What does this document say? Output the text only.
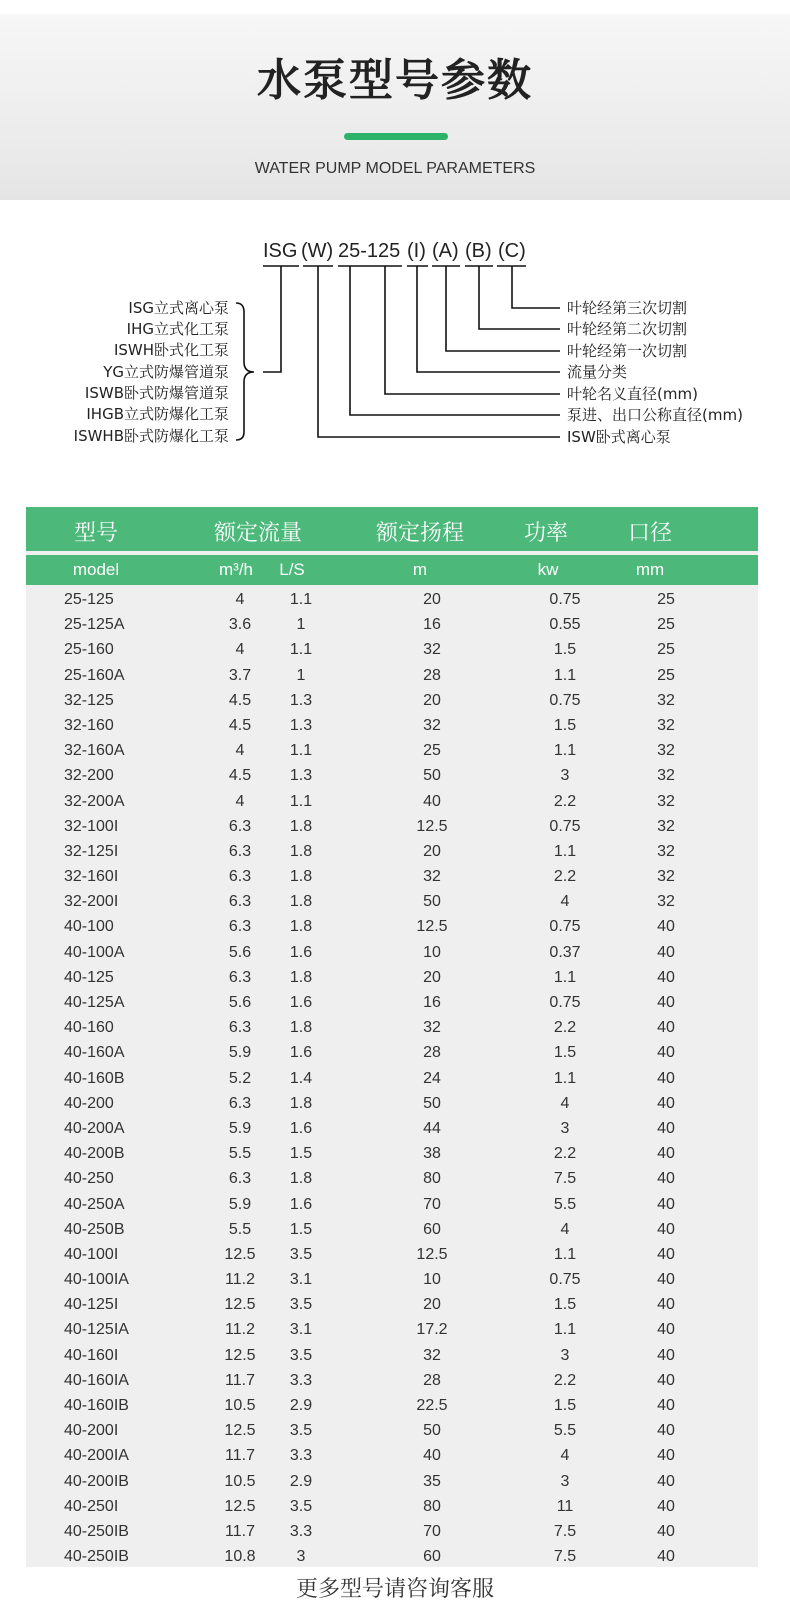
水泵型号参数
WATER PUMP MODEL PARAMETERS
ISG (W) 25-125 (I) (A) (B) (C)
ISG立式离心泵
IHG立式化工泵
ISWH卧式化工泵
YG立式防爆管道泵
ISWB卧式防爆管道泵
IHGB立式防爆化工泵
ISWHB卧式防爆化工泵
叶轮经第三次切割
叶轮经第二次切割
叶轮经第一次切割
流量分类
叶轮名义直径(mm)
泵进、出口公称直径(mm)
ISW卧式离心泵
型号	额定流量	额定扬程	功率	口径
model	m³/h L/S	m	kw	mm
25-125	4	1.1	20	0.75	25
25-125A	3.6	1	16	0.55	25
25-160	4	1.1	32	1.5	25
25-160A	3.7	1	28	1.1	25
32-125	4.5 1.3	20	0.75	32
32-160	4.5 1.3	32	1.5	32
32-160A	4	1.1	25	1.1	32
32-200	4.5 1.3	50	3	32
32-200A	4	1.1	40	2.2	32
32-100I	6.3 1.8	12.5	0.75	32
32-125I	6.3 1.8	20	1.1	32
32-160I	6.3 1.8	32	2.2	32
32-200I	6.3 1.8	50	4	32
40-100	6.3 1.8	12.5	0.75	40
40-100A	5.6 1.6	10	0.37	40
40-125	6.3 1.8	20	1.1	40
40-125A	5.6 1.6	16	0.75	40
40-160	6.3 1.8	32	2.2	40
40-160A	5.9 1.6	28	1.5	40
40-160B	5.2 1.4	24	1.1	40
40-200	6.3 1.8	50	4	40
40-200A	5.9 1.6	44	3	40
40-200B	5.5 1.5	38	2.2	40
40-250	6.3 1.8	80	7.5	40
40-250A	5.9 1.6	70	5.5	40
40-250B	5.5 1.5	60	4	40
40-100I	12.5 3.5	12.5	1.1	40
40-100IA	11.2 3.1	10	0.75	40
40-125I	12.5 3.5	20	1.5	40
40-125IA	11.2 3.1	17.2	1.1	40
40-160I	12.5 3.5	32	3	40
40-160IA	11.7 3.3	28	2.2	40
40-160IB	10.5 2.9	22.5	1.5	40
40-200I	12.5 3.5	50	5.5	40
40-200IA	11.7 3.3	40	4	40
40-200IB	10.5 2.9	35	3	40
40-250I	12.5 3.5	80	11	40
40-250IB	11.7 3.3	70	7.5	40
40-250IB	10.8	3	60	7.5	40
更多型号请咨询客服
